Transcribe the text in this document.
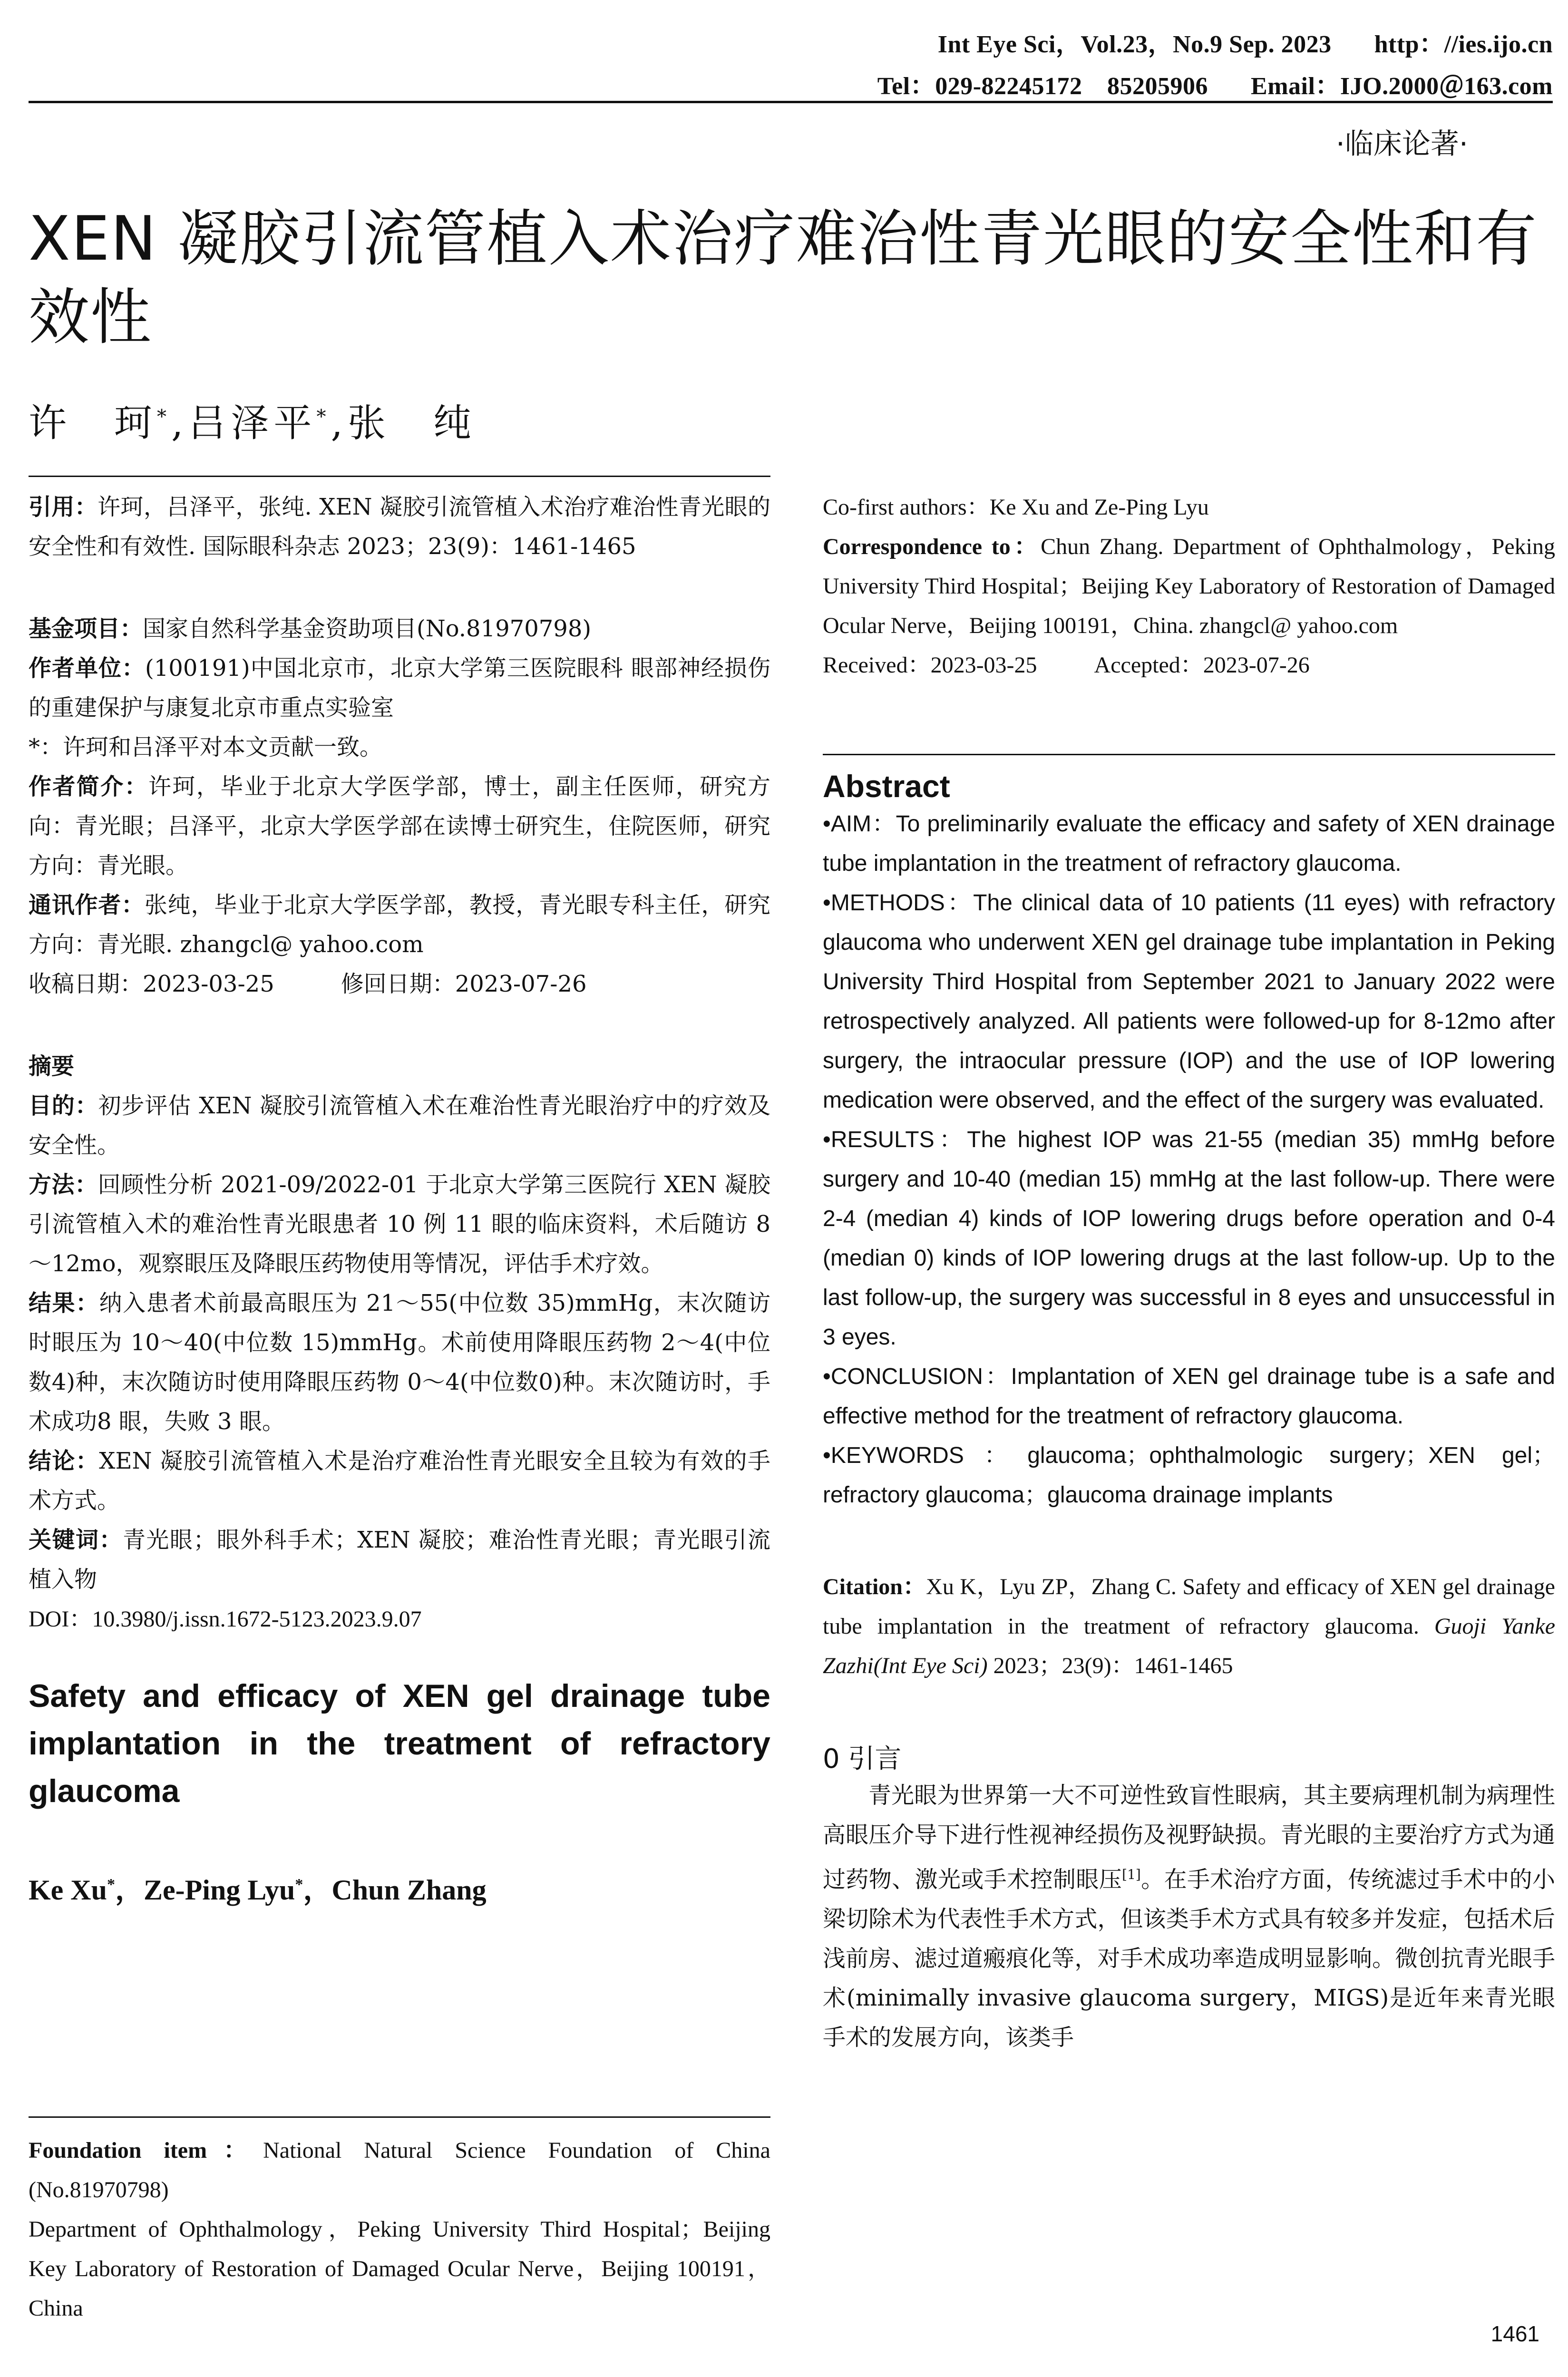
Int Eye Sci，Vol.23，No.9 Sep. 2023 http：//ies.ijo.cn
Tel：029-82245172　85205906 Email：IJO.2000＠163.com
·临床论著·
XEN 凝胶引流管植入术治疗难治性青光眼的安全性和有效性
许　珂*,吕泽平*,张　纯

引用：许珂，吕泽平，张纯. XEN 凝胶引流管植入术治疗难治性青光眼的安全性和有效性. 国际眼科杂志 2023；23(9)：1461-1465

基金项目：国家自然科学基金资助项目(No.81970798)

作者单位：(100191)中国北京市，北京大学第三医院眼科 眼部神经损伤的重建保护与康复北京市重点实验室

*：许珂和吕泽平对本文贡献一致。

作者简介：许珂，毕业于北京大学医学部，博士，副主任医师，研究方向：青光眼；吕泽平，北京大学医学部在读博士研究生，住院医师，研究方向：青光眼。

通讯作者：张纯，毕业于北京大学医学部，教授，青光眼专科主任，研究方向：青光眼. zhangcl@ yahoo.com

收稿日期：2023-03-25	修回日期：2023-07-26

摘要

目的：初步评估 XEN 凝胶引流管植入术在难治性青光眼治疗中的疗效及安全性。

方法：回顾性分析 2021-09/2022-01 于北京大学第三医院行 XEN 凝胶引流管植入术的难治性青光眼患者 10 例 11 眼的临床资料，术后随访 8～12mo，观察眼压及降眼压药物使用等情况，评估手术疗效。

结果：纳入患者术前最高眼压为 21～55(中位数 35)mmHg，末次随访时眼压为 10～40(中位数 15)mmHg。术前使用降眼压药物 2～4(中位数4)种，末次随访时使用降眼压药物 0～4(中位数0)种。末次随访时，手术成功8 眼，失败 3 眼。

结论：XEN 凝胶引流管植入术是治疗难治性青光眼安全且较为有效的手术方式。

关键词：青光眼；眼外科手术；XEN 凝胶；难治性青光眼；青光眼引流植入物

DOI：10.3980/j.issn.1672-5123.2023.9.07

Safety and efficacy of XEN gel drainage tube implantation in the treatment of refractory glaucoma
Ke Xu*，Ze-Ping Lyu*，Chun Zhang

Foundation item：National Natural Science Foundation of China (No.81970798)

Department of Ophthalmology，Peking University Third Hospital；Beijing Key Laboratory of Restoration of Damaged Ocular Nerve，Beijing 100191，China

Co-first authors：Ke Xu and Ze-Ping Lyu

Correspondence to：Chun Zhang. Department of Ophthalmology，Peking University Third Hospital；Beijing Key Laboratory of Restoration of Damaged Ocular Nerve，Beijing 100191，China. zhangcl@ yahoo.com

Received：2023-03-25	Accepted：2023-07-26

Abstract

•AIM：To preliminarily evaluate the efficacy and safety of XEN drainage tube implantation in the treatment of refractory glaucoma.

•METHODS：The clinical data of 10 patients (11 eyes) with refractory glaucoma who underwent XEN gel drainage tube implantation in Peking University Third Hospital from September 2021 to January 2022 were retrospectively analyzed. All patients were followed-up for 8-12mo after surgery, the intraocular pressure (IOP) and the use of IOP lowering medication were observed, and the effect of the surgery was evaluated.

•RESULTS：The highest IOP was 21-55 (median 35) mmHg before surgery and 10-40 (median 15) mmHg at the last follow-up. There were 2-4 (median 4) kinds of IOP lowering drugs before operation and 0-4 (median 0) kinds of IOP lowering drugs at the last follow-up. Up to the last follow-up, the surgery was successful in 8 eyes and unsuccessful in 3 eyes.

•CONCLUSION：Implantation of XEN gel drainage tube is a safe and effective method for the treatment of refractory glaucoma.

•KEYWORDS：glaucoma；ophthalmologic surgery；XEN gel；refractory glaucoma；glaucoma drainage implants

Citation：Xu K，Lyu ZP，Zhang C. Safety and efficacy of XEN gel drainage tube implantation in the treatment of refractory glaucoma. Guoji Yanke Zazhi(Int Eye Sci) 2023；23(9)：1461-1465

0 引言

青光眼为世界第一大不可逆性致盲性眼病，其主要病理机制为病理性高眼压介导下进行性视神经损伤及视野缺损。青光眼的主要治疗方式为通过药物、激光或手术控制眼压[1]。在手术治疗方面，传统滤过手术中的小梁切除术为代表性手术方式，但该类手术方式具有较多并发症，包括术后浅前房、滤过道瘢痕化等，对手术成功率造成明显影响。微创抗青光眼手术(minimally invasive glaucoma surgery，MIGS)是近年来青光眼手术的发展方向，该类手

1461
